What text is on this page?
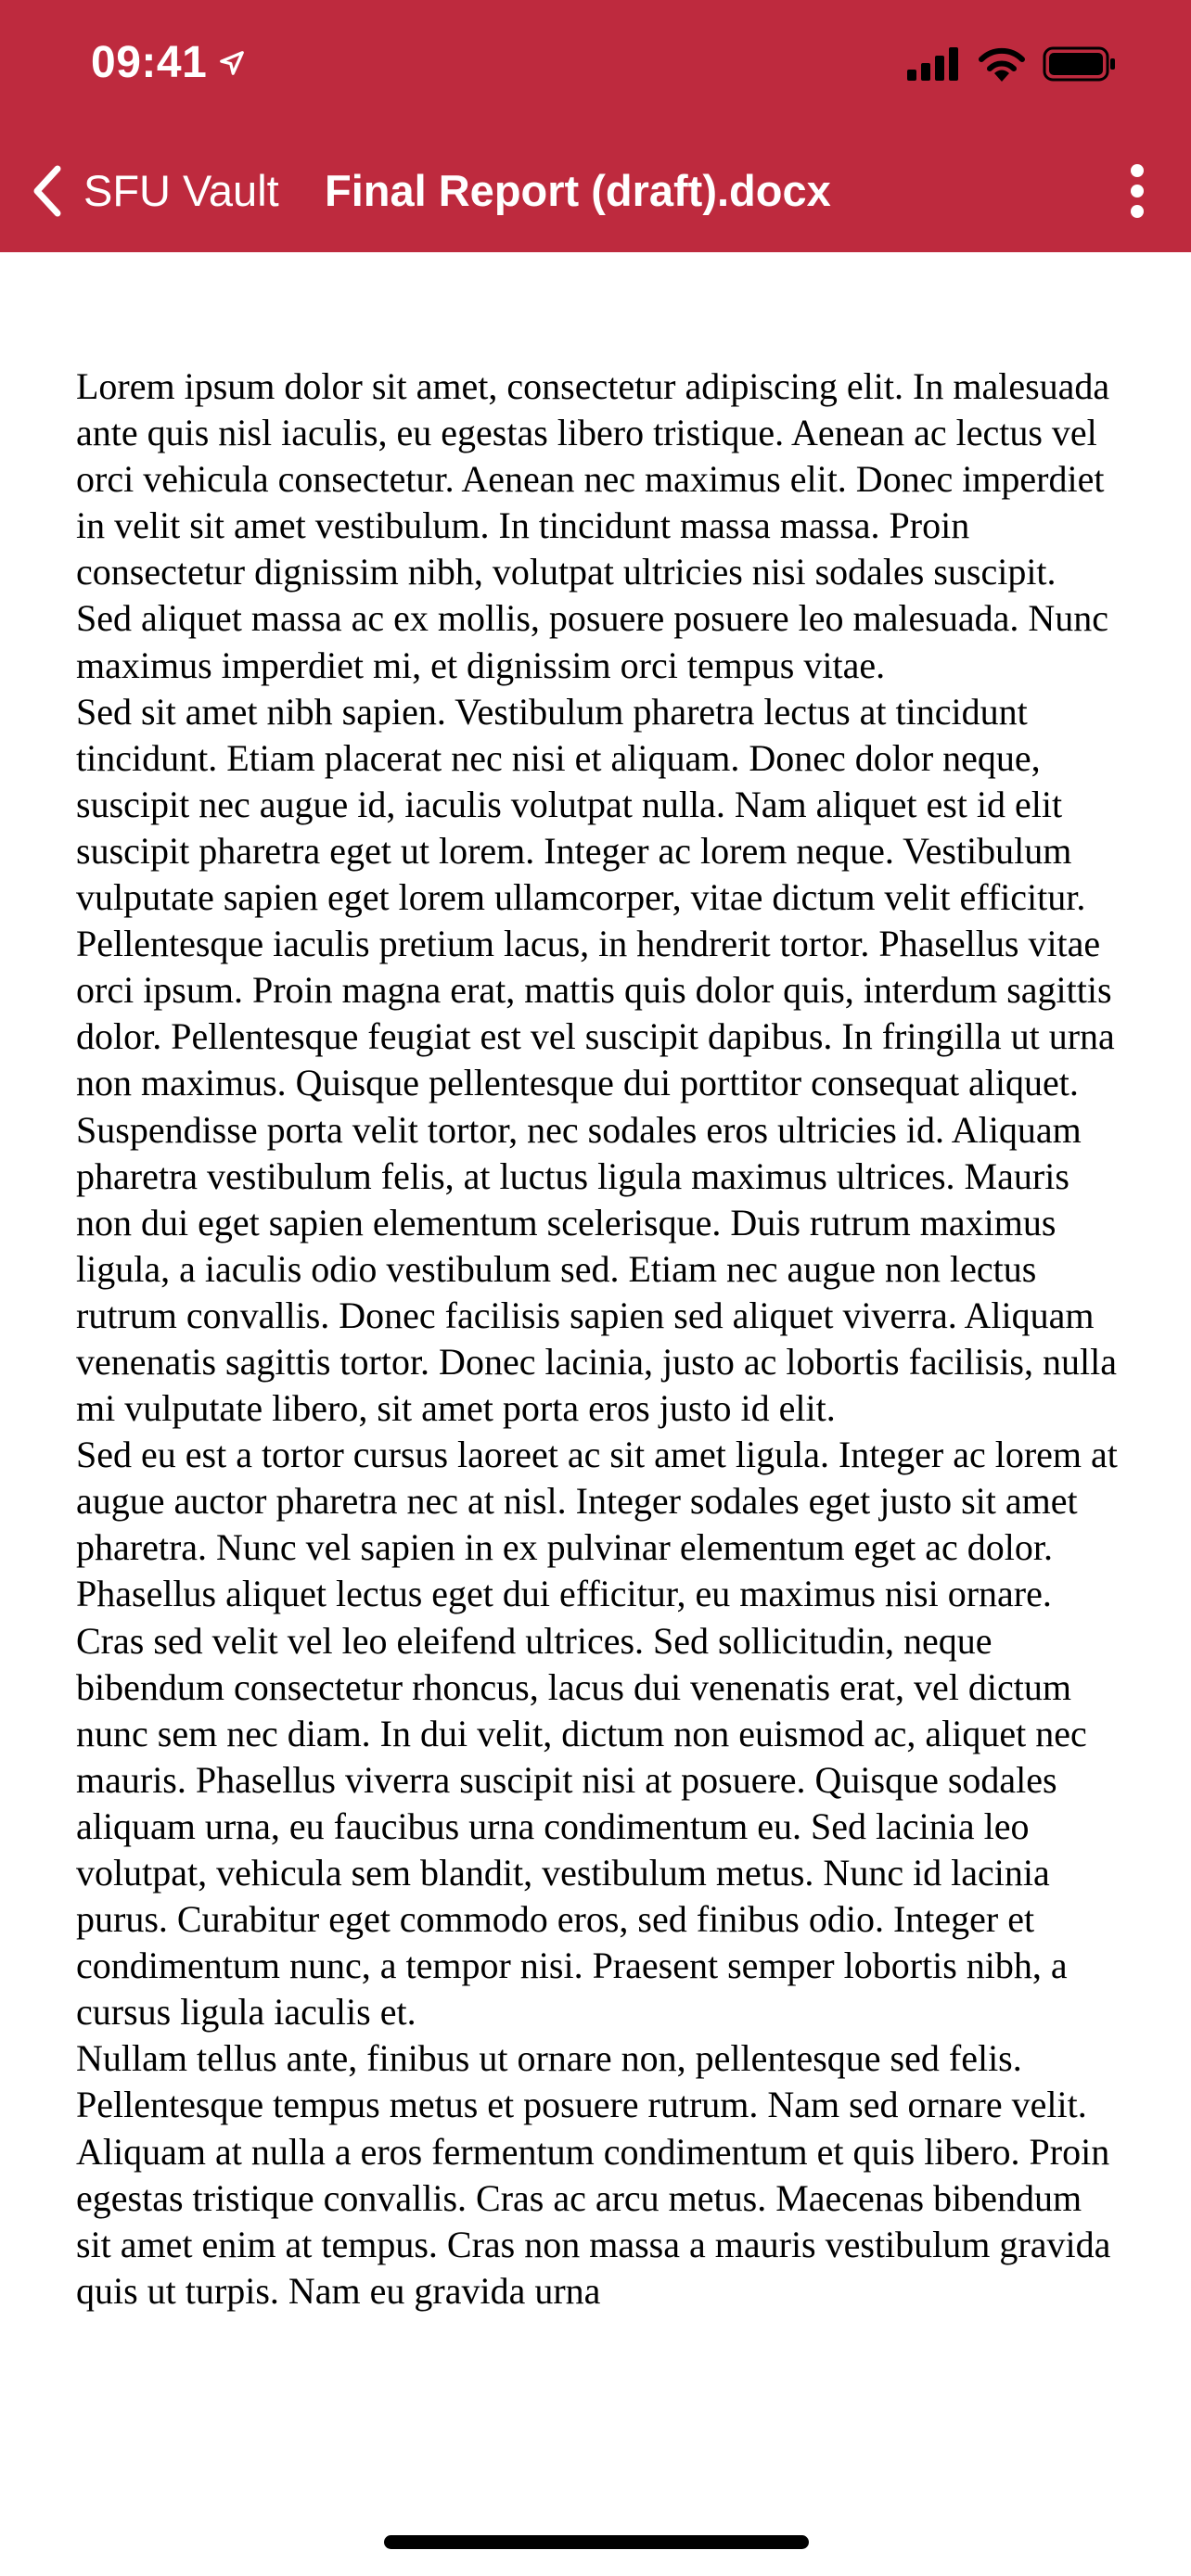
09:41
SFU Vault Final Report (draft).docx

Lorem ipsum dolor sit amet, consectetur adipiscing elit. In malesuada ante quis nisl iaculis, eu egestas libero tristique. Aenean ac lectus vel orci vehicula consectetur. Aenean nec maximus elit. Donec imperdiet in velit sit amet vestibulum. In tincidunt massa massa. Proin consectetur dignissim nibh, volutpat ultricies nisi sodales suscipit. Sed aliquet massa ac ex mollis, posuere posuere leo malesuada. Nunc maximus imperdiet mi, et dignissim orci tempus vitae.

Sed sit amet nibh sapien. Vestibulum pharetra lectus at tincidunt tincidunt. Etiam placerat nec nisi et aliquam. Donec dolor neque, suscipit nec augue id, iaculis volutpat nulla. Nam aliquet est id elit suscipit pharetra eget ut lorem. Integer ac lorem neque. Vestibulum vulputate sapien eget lorem ullamcorper, vitae dictum velit efficitur. Pellentesque iaculis pretium lacus, in hendrerit tortor. Phasellus vitae orci ipsum. Proin magna erat, mattis quis dolor quis, interdum sagittis dolor. Pellentesque feugiat est vel suscipit dapibus. In fringilla ut urna non maximus. Quisque pellentesque dui porttitor consequat aliquet. Suspendisse porta velit tortor, nec sodales eros ultricies id. Aliquam pharetra vestibulum felis, at luctus ligula maximus ultrices. Mauris non dui eget sapien elementum scelerisque. Duis rutrum maximus ligula, a iaculis odio vestibulum sed. Etiam nec augue non lectus rutrum convallis. Donec facilisis sapien sed aliquet viverra. Aliquam venenatis sagittis tortor. Donec lacinia, justo ac lobortis facilisis, nulla mi vulputate libero, sit amet porta eros justo id elit.

Sed eu est a tortor cursus laoreet ac sit amet ligula. Integer ac lorem at augue auctor pharetra nec at nisl. Integer sodales eget justo sit amet pharetra. Nunc vel sapien in ex pulvinar elementum eget ac dolor. Phasellus aliquet lectus eget dui efficitur, eu maximus nisi ornare. Cras sed velit vel leo eleifend ultrices. Sed sollicitudin, neque bibendum consectetur rhoncus, lacus dui venenatis erat, vel dictum nunc sem nec diam. In dui velit, dictum non euismod ac, aliquet nec mauris. Phasellus viverra suscipit nisi at posuere. Quisque sodales aliquam urna, eu faucibus urna condimentum eu. Sed lacinia leo volutpat, vehicula sem blandit, vestibulum metus. Nunc id lacinia purus. Curabitur eget commodo eros, sed finibus odio. Integer et condimentum nunc, a tempor nisi. Praesent semper lobortis nibh, a cursus ligula iaculis et.

Nullam tellus ante, finibus ut ornare non, pellentesque sed felis. Pellentesque tempus metus et posuere rutrum. Nam sed ornare velit. Aliquam at nulla a eros fermentum condimentum et quis libero. Proin egestas tristique convallis. Cras ac arcu metus. Maecenas bibendum sit amet enim at tempus. Cras non massa a mauris vestibulum gravida quis ut turpis. Nam eu gravida urna
